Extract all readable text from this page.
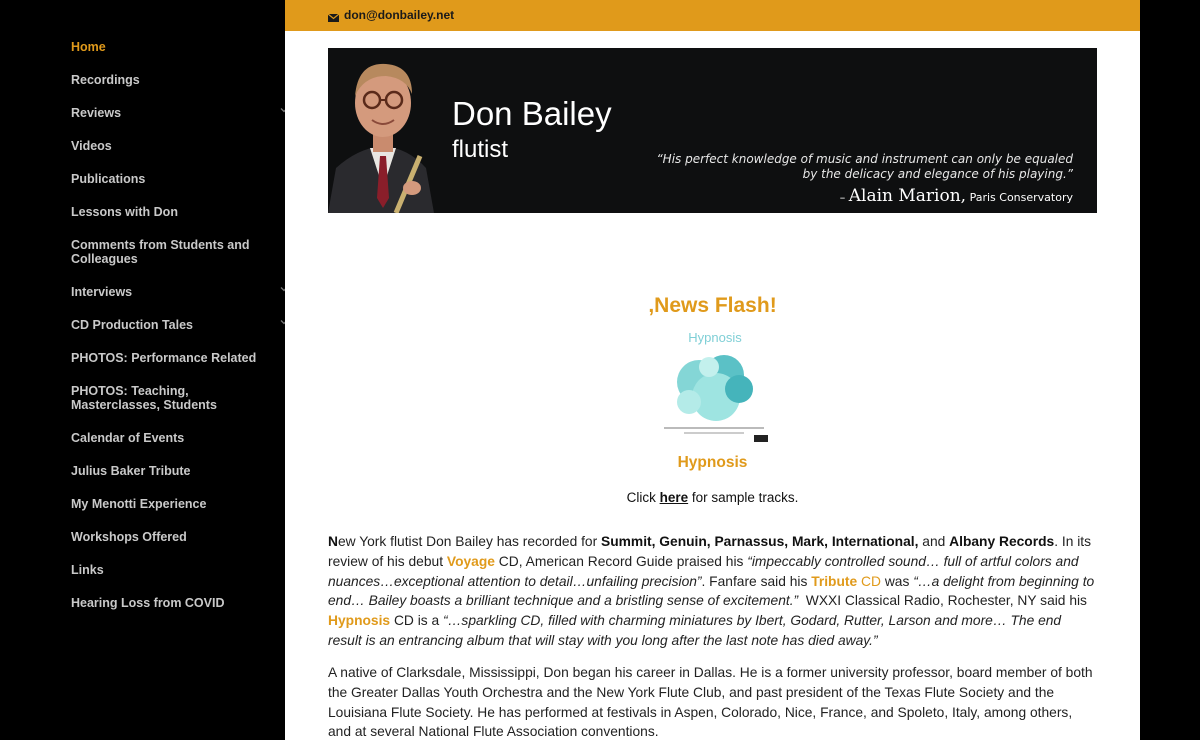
Home
Recordings
Reviews
Videos
Publications
Lessons with Don
Comments from Students and Colleagues
Interviews
CD Production Tales
PHOTOS: Performance Related
PHOTOS: Teaching, Masterclasses, Students
Calendar of Events
Julius Baker Tribute
My Menotti Experience
Workshops Offered
Links
Hearing Loss from COVID
don@donbailey.net
Don Bailey
flutist	“His perfect knowledge of music and instrument can only be equaled
by the delicacy and elegance of his playing.”
– Alain Marion, Paris Conservatory
,News Flash!
Hypnosis
Hypnosis
Click here for sample tracks.
New York flutist Don Bailey has recorded for Summit, Genuin, Parnassus, Mark, International, and Albany Records. In its review of his debut Voyage CD, American Record Guide praised his “impeccably controlled sound… full of artful colors and nuances…exceptional attention to detail…unfailing precision”. Fanfare said his Tribute CD was “…a delight from beginning to end… Bailey boasts a brilliant technique and a bristling sense of excitement.” WXXI Classical Radio, Rochester, NY said his Hypnosis CD is a “…sparkling CD, filled with charming miniatures by Ibert, Godard, Rutter, Larson and more… The end result is an entrancing album that will stay with you long after the last note has died away.”
A native of Clarksdale, Mississippi, Don began his career in Dallas. He is a former university professor, board member of both the Greater Dallas Youth Orchestra and the New York Flute Club, and past president of the Texas Flute Society and the Louisiana Flute Society. He has performed at festivals in Aspen, Colorado, Nice, France, and Spoleto, Italy, among others, and at several National Flute Association conventions.
